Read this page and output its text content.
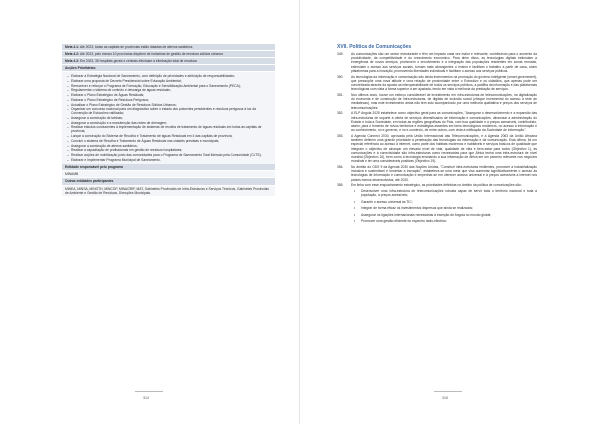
Meta 4.1: Até 2023, todas as capitais de províncias estão dotadas de aterros sanitários
Meta 4.2: Até 2023, pelo menos 10 províncias dispõem de indústrias de gestão de resíduos sólidos urbanos
Meta 4.3: Em 2023, 35 hospitais gerais e centrais efectuam a eliminação total de resíduos
Acções Prioritárias:
– Elaborar a Estratégia Nacional de Saneamento, com definição de prioridades e atribuição de responsabilidades;
– Elaborar uma proposta de Decreto Presidencial sobre Educação Ambiental;
– Reescrever e reforçar o Programa de Formação, Educação e Sensibilização Ambiental para o Saneamento (PECA);
– Regulamentar o sistema de controlo e descarga de águas residuais;
– Elaborar o Plano Estratégico de Águas Residuais;
– Elaborar o Plano Estratégico de Resíduos Perigosos;
– Actualizar o Plano Estratégico de Gestão de Resíduos Sólidos Urbanos;
– Organizar um concurso nacional para um diagnóstico sobre o estado dos poluentes persistentes e resíduos perigosos à luz da Convenção de Estocolmo ratificada;
– Assegurar a construção de latrinas;
– Assegurar a construção e a manutenção das redes de drenagem;
– Realizar estudos conducentes à implementação de sistemas de recolha de tratamento de águas residuais em todas as capitais de província;
– Lançar a construção do Sistema de Recolha e Tratamento de águas Residuais em 4 das capitais de província;
– Concluir o sistema de Recolha e Tratamento de Águas Residuais nas cidades previstas e municipais;
– Assegurar a construção de aterros sanitários;
– Realizar a capacitação de profissionais em gestão de resíduos hospitalares;
– Realizar acções de mobilização junto das comunidades para o Programa de Saneamento Total liderado pela Comunidade (CLTS);
– Elaborar e Implementar Programa Municipal de Saneamento.
Entidade responsável pelo programa
MINAMB
Outras entidades participantes
MINEA, MINSA, MINOTH, MINCOP, MINAGRIF, MAT, Gabinetes Provinciais de Infra-Estruturas e Serviços Técnicos, Gabinetes Provinciais de Ambiente e Gestão de Resíduos, Direcções Municipais.
314
XVII. Política de Comunicações
349. As comunicações são um sector estruturante e têm um impacto cada vez maior e relevante, contribuindo para o aumento da produtividade, da competitividade e do crescimento económico. Para além disso, as tecnologias digitais estimulam a emergência de novos serviços, promovem o envolvimento e a integração das populações residentes em zonas remotas, estimulam o acesso aos serviços sociais, tornam mais abrangentes o ensino e facilitam o trabalho a partir de casa, criam plataformas para a inovação, promovendo liberdades individuais e facilitam o acesso aos serviços públicos.
350. As tecnologias da informação e comunicação são ainda instrumentos na promoção do governo inteligente (smart government), que pressupõe uma nova atitude e uma relação de proximidade entre o Executivo e os cidadãos, que apenas pode ser concretizada através da aposta na interoperabilidade de todos os serviços públicos, a partilha da informação e das plataformas tecnológicas com vista à forma superior a ser ajustada, tendo em vista a melhoria da prestação de serviços.
351. Nos últimos anos, houve um esforço considerável de investimento em infra-estruturas de telecomunicações, na digitalização do economia e de construção de infra-estruturas, de digitais de inclusão social (cheque incremental do acesso à rede de mediatecas), mas este investimento ainda não tem sido acompanhado por uma melhoria qualitativa e preços dos serviços de telecomunicações.
352. A ELP Angola 2025 estabelece como objectivo geral para as comunicações, "Assegurar o desenvolvimento e a expansão das infra-estruturas de suporte à oferta de serviços diversificados de informação e comunicações, dinamizar a administração do Estado e toda a Sociedade, em todas as regiões geográficas do País, com boa qualidade e a preços acessíveis, contribuindo, assim, para o fomento de novos territórios e estratégias assentes em bens tecnológicos modernos, no acesso à informação e ao conhecimento, no e-governo, e no e-comércio, de entre outros, com vista à edificação da Sociedade de Informação".
353. A Agenda Connect 2030, aprovada pela União Internacional das Telecomunicações, e a Agenda 2063 da União Africana também definem uma grande prioridade à penetração das tecnologias da informação e da comunicação. Esta última, foi um especial referência ao acesso à internet, como parte dos habitats modernos e habitáveis e serviços básicos de qualidade que integram o objectivo de alcançar um elevado nível de vida, qualidade de vida e bem-estar para todos (Objectivo 1), as comunicações e à conectividade são infra-estruturas como necessárias para que África tenha uma infra-estrutura de nível mundial (Objectivo 10), bem como a tecnologia ensinando a sua informação de África ser um parceiro relevante nos negócios mundiais e ter uma consideráveis positivas (Objectivo 19).
354. No âmbito do ODS 9 da Agenda 2030 das Nações Unidas, "Construir infra-estruturas resilientes, promover a industrialização inclusiva e sustentável e fomentar a inovação", estabelece-se uma meta que visa aumentar significativamente o acesso às tecnologias de informação e comunicação e empenhar-se em oferecer acesso universal e a preços acessíveis à internet nos países menos desenvolvidos, até 2020.
355. Em linha com esse enquadramento estratégico, as prioridades definidas no âmbito da política de comunicações são:
• Desenvolver uma infra-estrutura de telecomunicações robusta capaz de servir toda o território nacional e toda a população, a preços acessíveis;
• Garantir o acesso universal às TIC;
• Integrar de forma eficaz os investimentos dispersos que ainda se realizados;
• Assegurar os ligações internacionais necessárias à inserção de Angola no mundo global;
• Promover uma gestão eficiente do espectro rádio-eléctrico.
315
